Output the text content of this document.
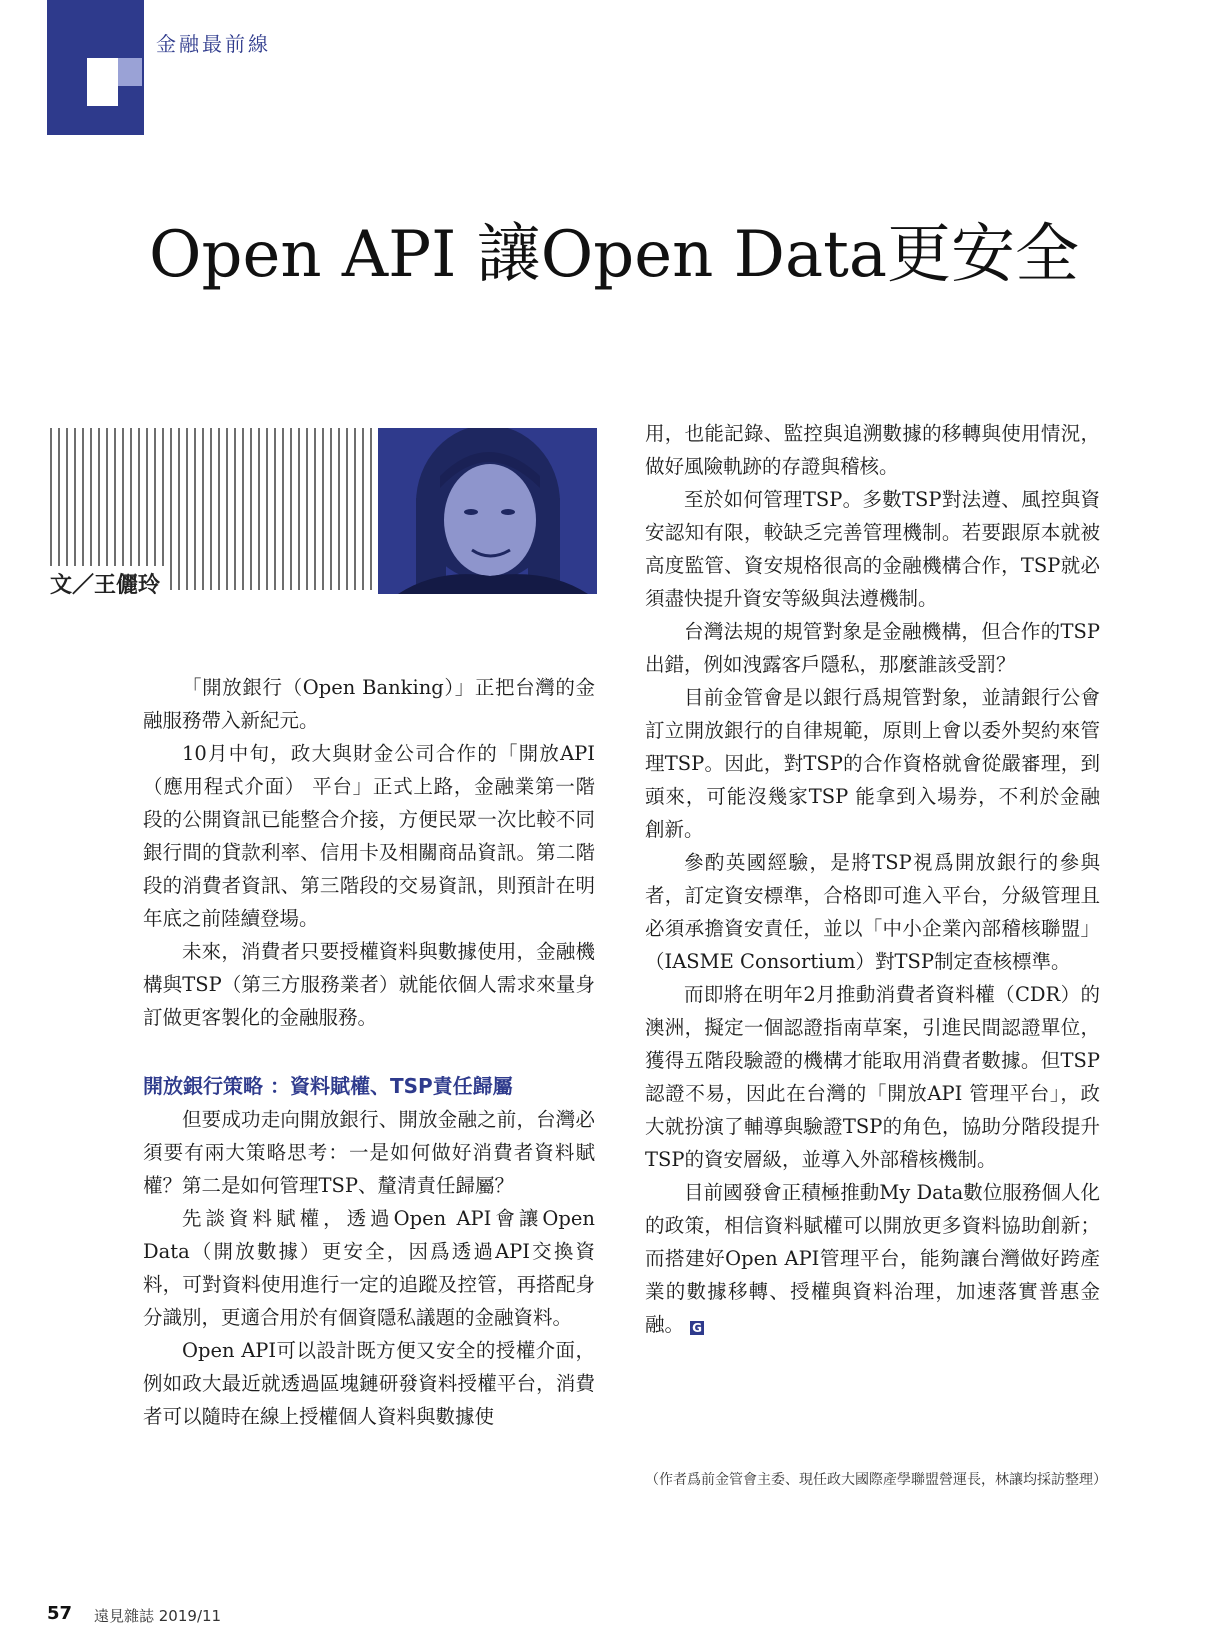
金融最前線
Open API 讓Open Data更安全
文／王儷玲

「開放銀行（Open Banking）」正把台灣的金融服務帶入新紀元。

10月中旬，政大與財金公司合作的「開放API（應用程式介面） 平台」正式上路，金融業第一階段的公開資訊已能整合介接，方便民眾一次比較不同銀行間的貸款利率、信用卡及相關商品資訊。第二階段的消費者資訊、第三階段的交易資訊，則預計在明年底之前陸續登場。

未來，消費者只要授權資料與數據使用，金融機構與TSP（第三方服務業者）就能依個人需求來量身訂做更客製化的金融服務。

開放銀行策略 ：資料賦權、TSP責任歸屬

但要成功走向開放銀行、開放金融之前，台灣必須要有兩大策略思考：一是如何做好消費者資料賦權？第二是如何管理TSP、釐清責任歸屬？

先談資料賦權，透過Open API會讓Open Data（開放數據）更安全，因爲透過API交換資料，可對資料使用進行一定的追蹤及控管，再搭配身分識別，更適合用於有個資隱私議題的金融資料。

Open API可以設計既方便又安全的授權介面，例如政大最近就透過區塊鏈研發資料授權平台，消費者可以隨時在線上授權個人資料與數據使

用，也能記錄、監控與追溯數據的移轉與使用情況，做好風險軌跡的存證與稽核。

至於如何管理TSP。多數TSP對法遵、風控與資安認知有限，較缺乏完善管理機制。若要跟原本就被高度監管、資安規格很高的金融機構合作，TSP就必須盡快提升資安等級與法遵機制。

台灣法規的規管對象是金融機構，但合作的TSP出錯，例如洩露客戶隱私，那麼誰該受罰？

目前金管會是以銀行爲規管對象，並請銀行公會訂立開放銀行的自律規範，原則上會以委外契約來管理TSP。因此，對TSP的合作資格就會從嚴審理，到頭來，可能沒幾家TSP 能拿到入場券，不利於金融創新。

參酌英國經驗，是將TSP視爲開放銀行的參與者，訂定資安標準，合格即可進入平台，分級管理且必須承擔資安責任，並以「中小企業內部稽核聯盟」（IASME Consortium）對TSP制定查核標準。

而即將在明年2月推動消費者資料權（CDR）的澳洲，擬定一個認證指南草案，引進民間認證單位，獲得五階段驗證的機構才能取用消費者數據。但TSP認證不易，因此在台灣的「開放API 管理平台」，政大就扮演了輔導與驗證TSP的角色，協助分階段提升TSP的資安層級，並導入外部稽核機制。

目前國發會正積極推動My Data數位服務個人化的政策，相信資料賦權可以開放更多資料協助創新；而搭建好Open API管理平台，能夠讓台灣做好跨產業的數據移轉、授權與資料治理，加速落實普惠金融。 G

（作者爲前金管會主委、現任政大國際產學聯盟營運長，林讓均採訪整理）
57 遠見雜誌 2019/11
